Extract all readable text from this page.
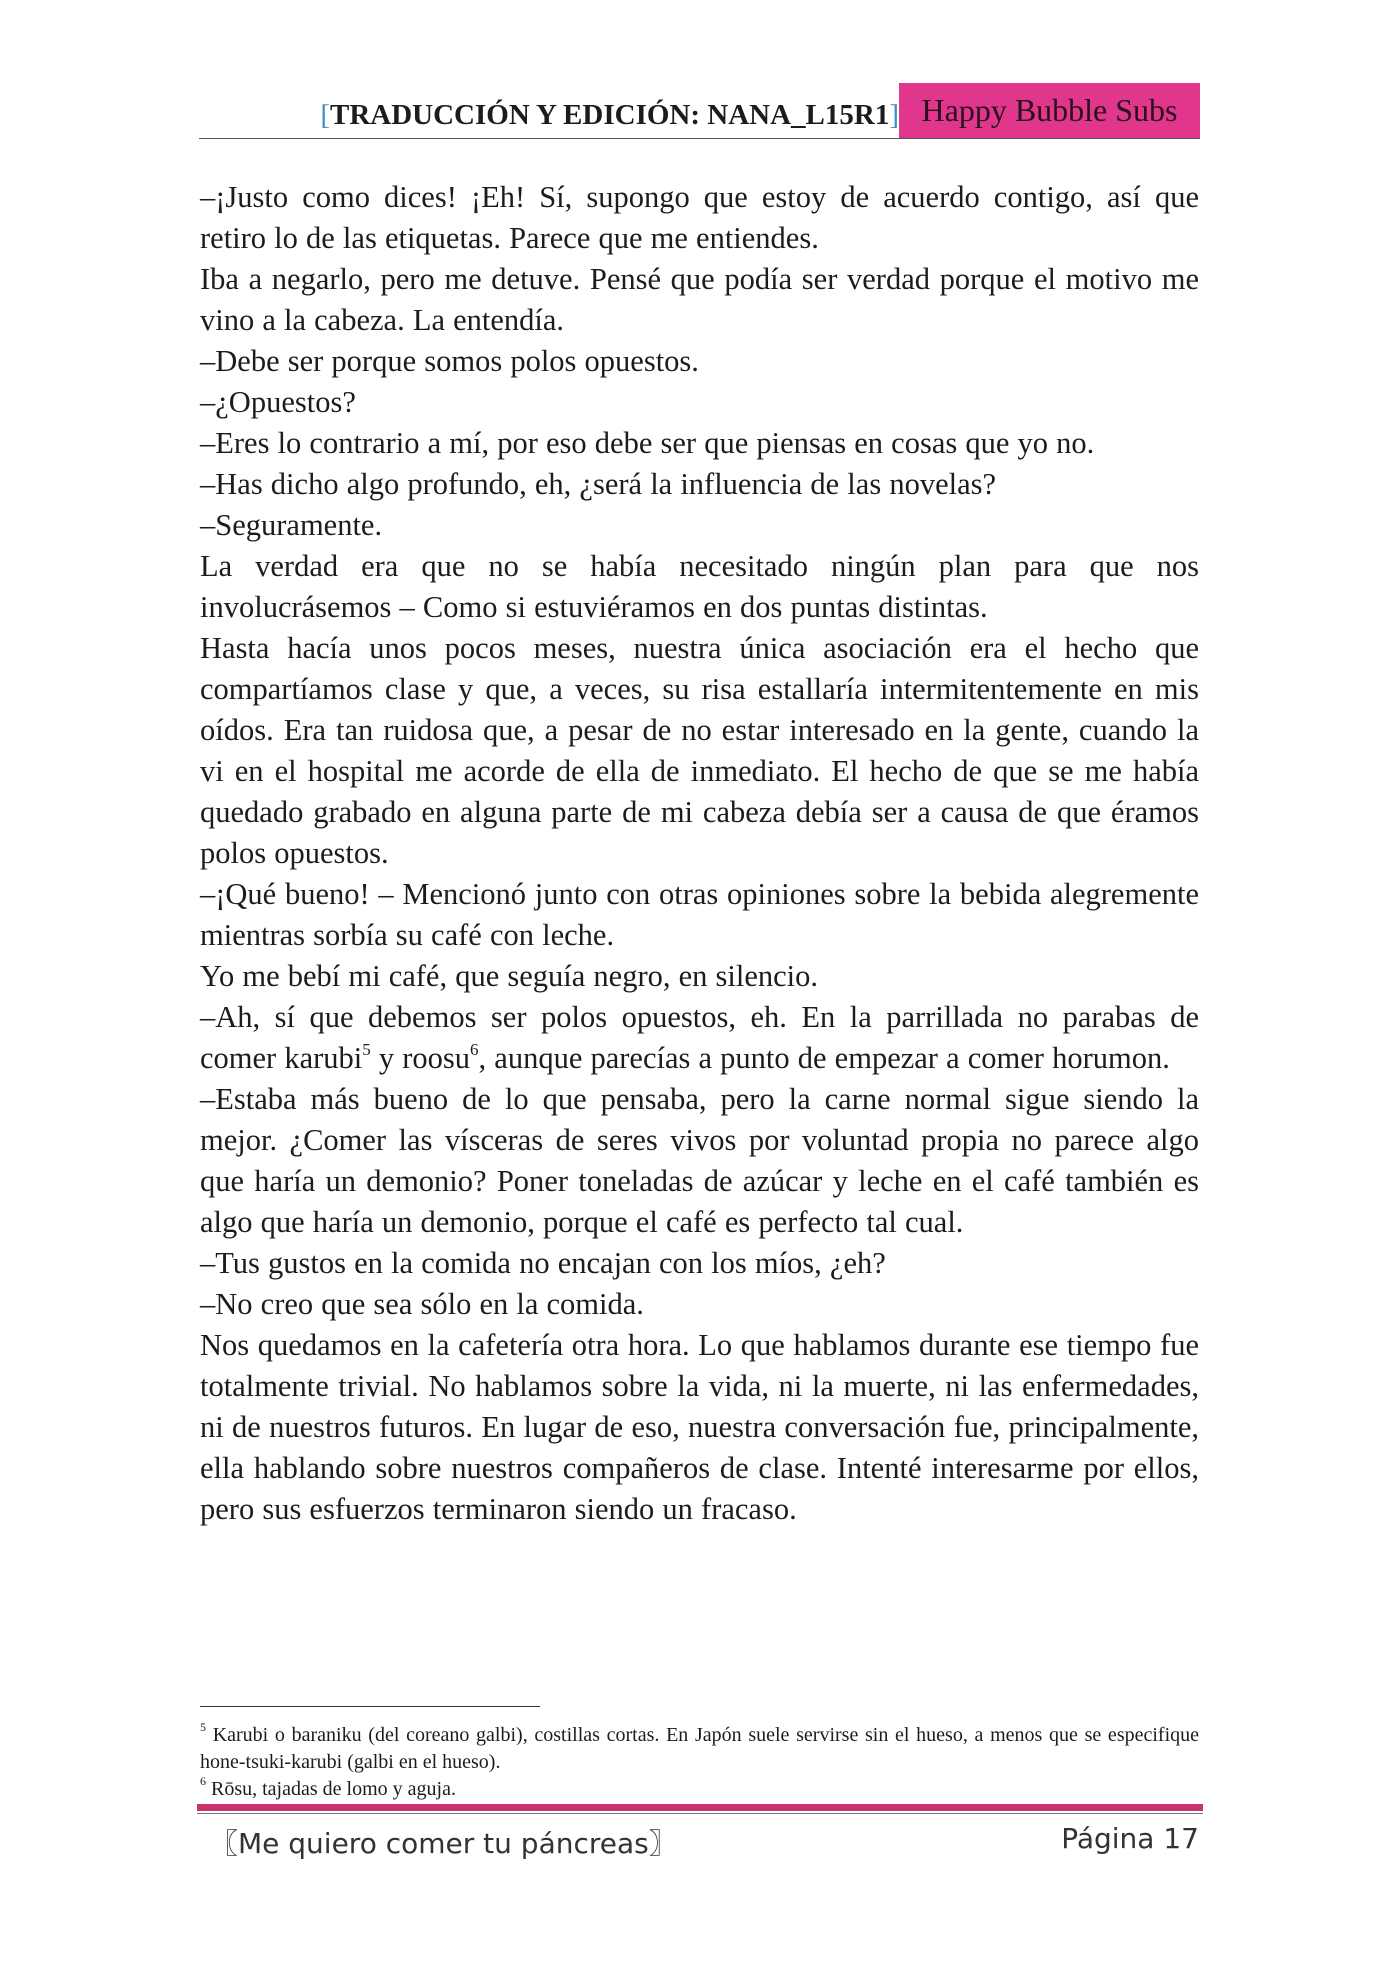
[TRADUCCIÓN Y EDICIÓN: NANA_L15R1] Happy Bubble Subs

–¡Justo como dices! ¡Eh! Sí, supongo que estoy de acuerdo contigo, así que retiro lo de las etiquetas. Parece que me entiendes.

Iba a negarlo, pero me detuve. Pensé que podía ser verdad porque el motivo me vino a la cabeza. La entendía.

–Debe ser porque somos polos opuestos.

–¿Opuestos?

–Eres lo contrario a mí, por eso debe ser que piensas en cosas que yo no.

–Has dicho algo profundo, eh, ¿será la influencia de las novelas?

–Seguramente.

La verdad era que no se había necesitado ningún plan para que nos involucrásemos – Como si estuviéramos en dos puntas distintas.

Hasta hacía unos pocos meses, nuestra única asociación era el hecho que compartíamos clase y que, a veces, su risa estallaría intermitentemente en mis oídos. Era tan ruidosa que, a pesar de no estar interesado en la gente, cuando la vi en el hospital me acorde de ella de inmediato. El hecho de que se me había quedado grabado en alguna parte de mi cabeza debía ser a causa de que éramos polos opuestos.

–¡Qué bueno! – Mencionó junto con otras opiniones sobre la bebida alegremente mientras sorbía su café con leche.

Yo me bebí mi café, que seguía negro, en silencio.

–Ah, sí que debemos ser polos opuestos, eh. En la parrillada no parabas de comer karubi$^5$ y roosu$^6$, aunque parecías a punto de empezar a comer horumon.

–Estaba más bueno de lo que pensaba, pero la carne normal sigue siendo la mejor. ¿Comer las vísceras de seres vivos por voluntad propia no parece algo que haría un demonio? Poner toneladas de azúcar y leche en el café también es algo que haría un demonio, porque el café es perfecto tal cual.

–Tus gustos en la comida no encajan con los míos, ¿eh?

–No creo que sea sólo en la comida.

Nos quedamos en la cafetería otra hora. Lo que hablamos durante ese tiempo fue totalmente trivial. No hablamos sobre la vida, ni la muerte, ni las enfermedades, ni de nuestros futuros. En lugar de eso, nuestra conversación fue, principalmente, ella hablando sobre nuestros compañeros de clase. Intenté interesarme por ellos, pero sus esfuerzos terminaron siendo un fracaso.

$^5$ Karubi o baraniku (del coreano galbi), costillas cortas. En Japón suele servirse sin el hueso, a menos que se especifique hone-tsuki-karubi (galbi en el hueso).

$^6$ Rōsu, tajadas de lomo y aguja.

〖Me quiero comer tu páncreas〗	Página 17
